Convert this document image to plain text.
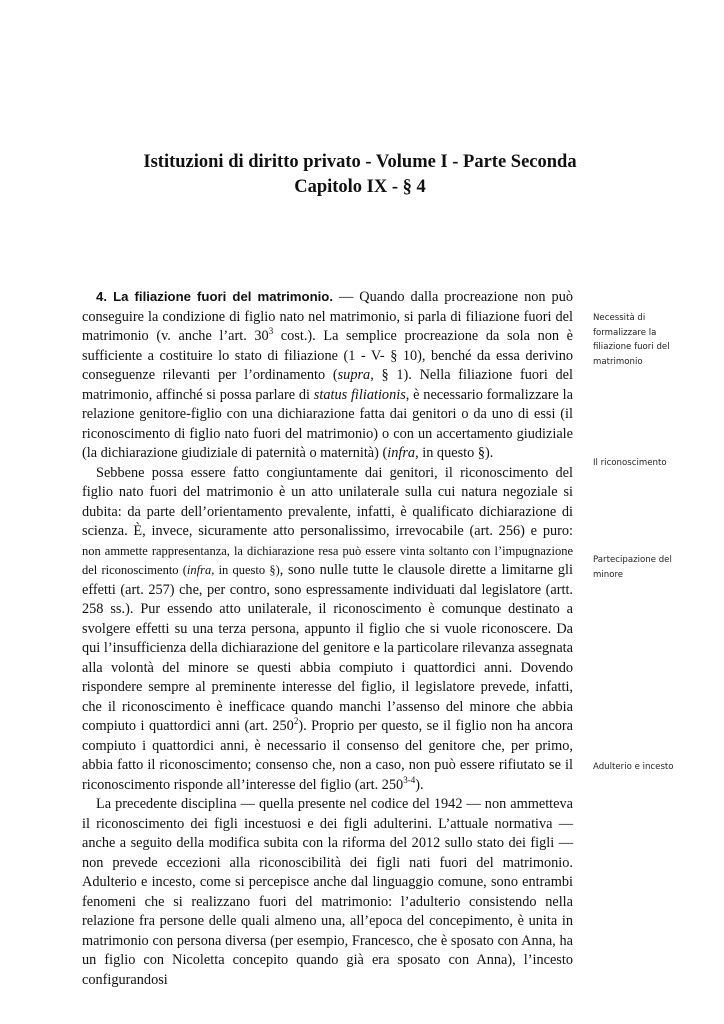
Istituzioni di diritto privato - Volume I - Parte Seconda
Capitolo IX - § 4

4. La filiazione fuori del matrimonio. — Quando dalla procreazione non può conseguire la condizione di figlio nato nel matrimonio, si parla di filiazione fuori del matrimonio (v. anche l’art. $30^3$ cost.). La semplice procreazione da sola non è sufficiente a costituire lo stato di filiazione (1 - V- § 10), benché da essa derivino conseguenze rilevanti per l’ordinamento (supra, § 1). Nella filiazione fuori del matrimonio, affinché si possa parlare di status filiationis, è necessario formalizzare la relazione genitore-figlio con una dichiarazione fatta dai genitori o da uno di essi (il riconoscimento di figlio nato fuori del matrimonio) o con un accertamento giudiziale (la dichiarazione giudiziale di paternità o maternità) (infra, in questo §).

Sebbene possa essere fatto congiuntamente dai genitori, il riconoscimento del figlio nato fuori del matrimonio è un atto unilaterale sulla cui natura negoziale si dubita: da parte dell’orientamento prevalente, infatti, è qualificato dichiarazione di scienza. È, invece, sicuramente atto personalissimo, irrevocabile (art. 256) e puro: non ammette rappresentanza, la dichiarazione resa può essere vinta soltanto con l’impugnazione del riconoscimento (infra, in questo §), sono nulle tutte le clausole dirette a limitarne gli effetti (art. 257) che, per contro, sono espressamente individuati dal legislatore (artt. 258 ss.). Pur essendo atto unilaterale, il riconoscimento è comunque destinato a svolgere effetti su una terza persona, appunto il figlio che si vuole riconoscere. Da qui l’insufficienza della dichiarazione del genitore e la particolare rilevanza assegnata alla volontà del minore se questi abbia compiuto i quattordici anni. Dovendo rispondere sempre al preminente interesse del figlio, il legislatore prevede, infatti, che il riconoscimento è inefficace quando manchi l’assenso del minore che abbia compiuto i quattordici anni (art. $250^2$). Proprio per questo, se il figlio non ha ancora compiuto i quattordici anni, è necessario il consenso del genitore che, per primo, abbia fatto il riconoscimento; consenso che, non a caso, non può essere rifiutato se il riconoscimento risponde all’interesse del figlio (art. 250$^{3-4}$).

La precedente disciplina — quella presente nel codice del 1942 — non ammetteva il riconoscimento dei figli incestuosi e dei figli adulterini. L’attuale normativa — anche a seguito della modifica subita con la riforma del 2012 sullo stato dei figli — non prevede eccezioni alla riconoscibilità dei figli nati fuori del matrimonio. Adulterio e incesto, come si percepisce anche dal linguaggio comune, sono entrambi fenomeni che si realizzano fuori del matrimonio: l’adulterio consistendo nella relazione fra persone delle quali almeno una, all’epoca del concepimento, è unita in matrimonio con persona diversa (per esempio, Francesco, che è sposato con Anna, ha un figlio con Nicoletta concepito quando già era sposato con Anna), l’incesto configurandosi

Necessità di formalizzare la filiazione fuori del matrimonio
Il riconoscimento
Partecipazione del minore
Adulterio e incesto
